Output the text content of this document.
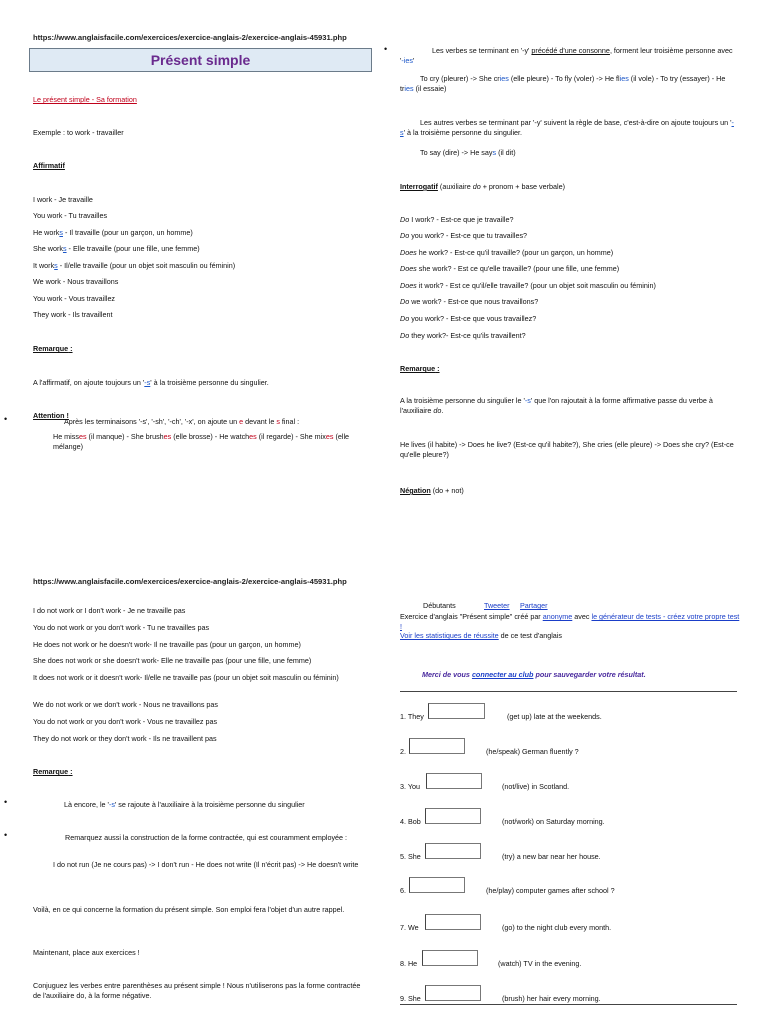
https://www.anglaisfacile.com/exercices/exercice-anglais-2/exercice-anglais-45931.php
Présent simple
Le présent simple - Sa formation
Exemple : to work - travailler
Affirmatif
I work - Je travaille
You work - Tu travailles
He works - Il travaille (pour un garçon, un homme)
She works - Elle travaille (pour une fille, une femme)
It works - Il/elle travaille (pour un objet soit masculin ou féminin)
We work - Nous travaillons
You work - Vous travaillez
They work - Ils travaillent
Remarque :
A l'affirmatif, on ajoute toujours un '-s' à la troisième personne du singulier.
Attention !
•	Après les terminaisons '-s', '-sh', '-ch', '-x', on ajoute un e devant le s final :
He misses (il manque) - She brushes (elle brosse) - He watches (il regarde) - She mixes (elle mélange)
•	Les verbes se terminant en '-y' précédé d'une consonne, forment leur troisième personne avec '-ies'
To cry (pleurer) -> She cries (elle pleure) - To fly (voler) -> He flies (il vole) - To try (essayer) - He tries (il essaie)
Les autres verbes se terminant par '-y' suivent la règle de base, c'est-à-dire on ajoute toujours un '-s' à la troisième personne du singulier.
To say (dire) -> He says (il dit)
Interrogatif (auxiliaire do + pronom + base verbale)
Do I work? - Est-ce que je travaille?
Do you work? - Est-ce que tu travailles?
Does he work? - Est-ce qu'il travaille? (pour un garçon, un homme)
Does she work? - Est ce qu'elle travaille? (pour une fille, une femme)
Does it work? - Est ce qu'il/elle travaille? (pour un objet soit masculin ou féminin)
Do we work? - Est-ce que nous travaillons?
Do you work? - Est-ce que vous travaillez?
Do they work?- Est-ce qu'ils travaillent?
Remarque :
A la troisième personne du singulier le '-s' que l'on rajoutait à la forme affirmative passe du verbe à l'auxiliaire do.
He lives (il habite) -> Does he live? (Est-ce qu'il habite?), She cries (elle pleure) -> Does she cry? (Est-ce qu'elle pleure?)
Négation (do + not)
https://www.anglaisfacile.com/exercices/exercice-anglais-2/exercice-anglais-45931.php
I do not work or I don't work - Je ne travaille pas
You do not work or you don't work - Tu ne travailles pas
He does not work or he doesn't work- Il ne travaille pas (pour un garçon, un homme)
She does not work or she doesn't work- Elle ne travaille pas (pour une fille, une femme)
It does not work or it doesn't work- Il/elle ne travaille pas (pour un objet soit masculin ou féminin)
We do not work or we don't work - Nous ne travaillons pas
You do not work or you don't work - Vous ne travaillez pas
They do not work or they don't work - Ils ne travaillent pas
Remarque :
•	Là encore, le '-s' se rajoute à l'auxiliaire à la troisième personne du singulier
•	Remarquez aussi la construction de la forme contractée, qui est couramment employée :
I do not run (Je ne cours pas) -> I don't run - He does not write (Il n'écrit pas) -> He doesn't write
Voilà, en ce qui concerne la formation du présent simple. Son emploi fera l'objet d'un autre rappel.
Maintenant, place aux exercices !
Conjuguez les verbes entre parenthèses au présent simple ! Nous n'utiliserons pas la forme contractée de l'auxiliaire do, à la forme négative.
Débutants	Tweeter Partager
Exercice d'anglais "Présent simple" créé par anonyme avec le générateur de tests - créez votre propre test !
Voir les statistiques de réussite de ce test d'anglais
Merci de vous connecter au club pour sauvegarder votre résultat.
1. They	(get up) late at the weekends.
2.	(he/speak) German fluently ?
3. You	(not/live) in Scotland.
4. Bob	(not/work) on Saturday morning.
5. She	(try) a new bar near her house.
6.	(he/play) computer games after school ?
7. We	(go) to the night club every month.
8. He	(watch) TV in the evening.
9. She	(brush) her hair every morning.
